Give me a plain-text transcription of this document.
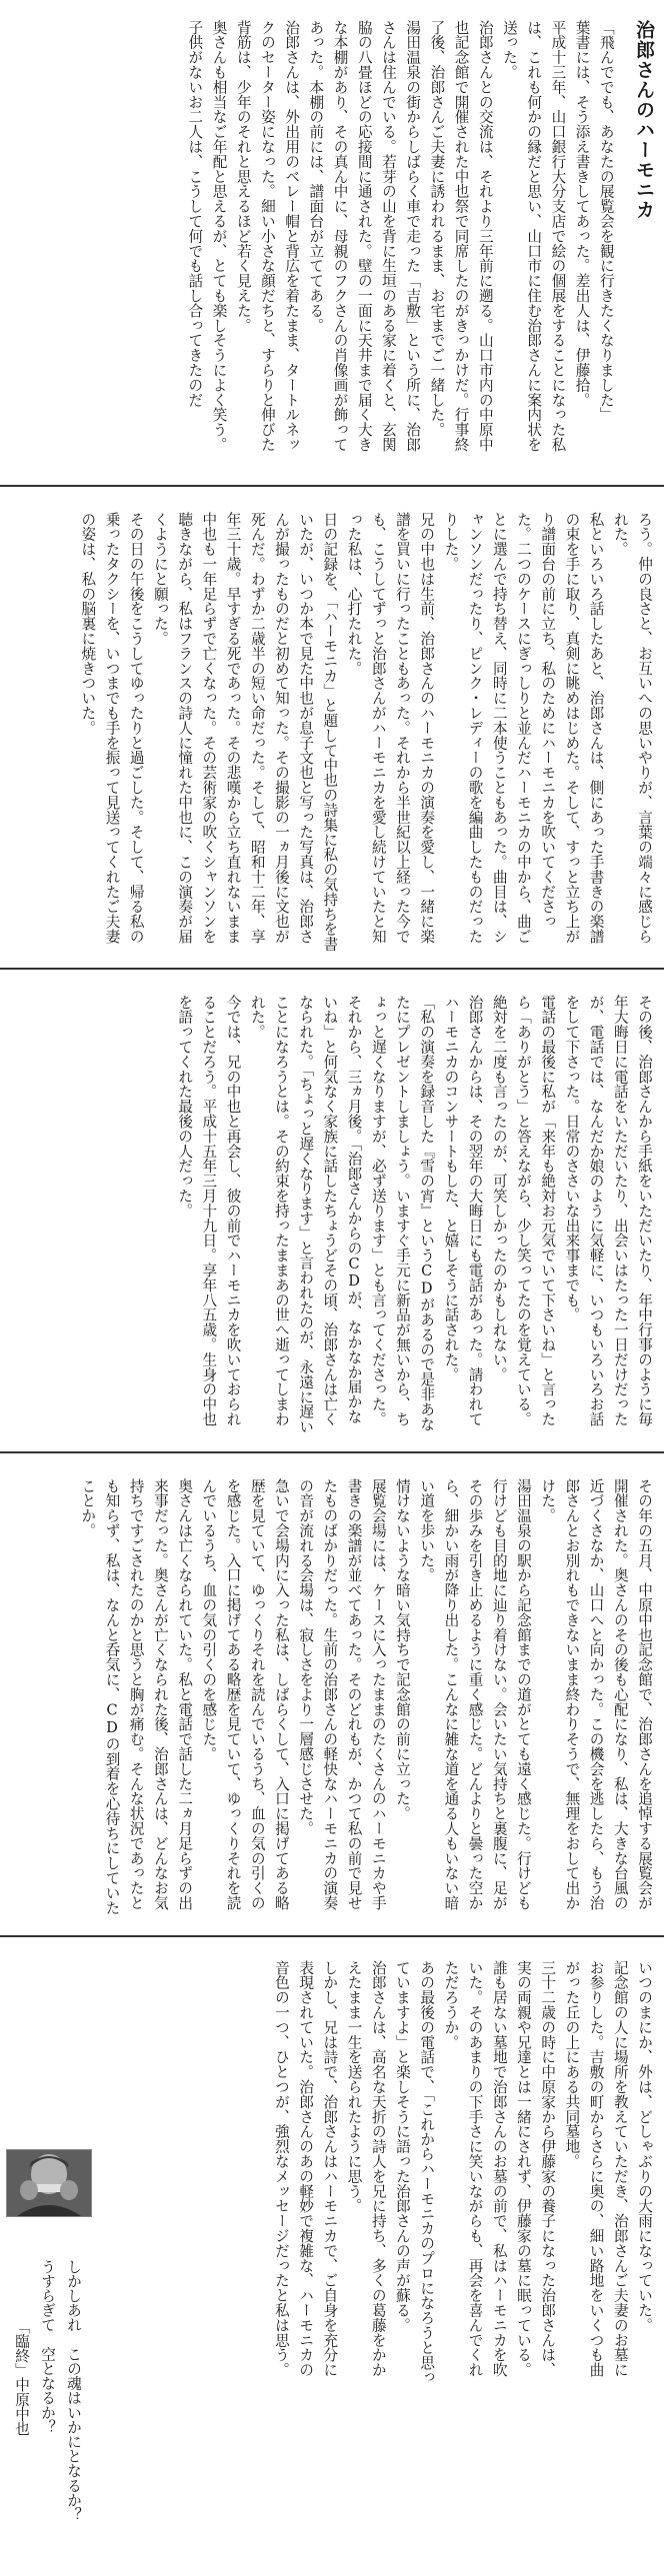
治郎さんのハーモニカ

「飛んででも、あなたの展覧会を観に行きたくなりました」

葉書には、そう添え書きしてあった。差出人は、伊藤拾。

平成十三年、山口銀行大分支店で絵の個展をすることになった私は、これも何かの縁だと思い、山口市に住む治郎さんに案内状を送った。

治郎さんとの交流は、それより三年前に遡る。山口市内の中原中也記念館で開催された中也祭で同席したのがきっかけだ。行事終了後、治郎さんご夫妻に誘われるまま、お宅までご一緒した。

湯田温泉の街からしばらく車で走った「吉敷」という所に、治郎さんは住んでいる。若芽の山を背に生垣のある家に着くと、玄関脇の八畳ほどの応接間に通された。壁の一面に天井まで届く大きな本棚があり、その真ん中に、母親のフクさんの肖像画が飾ってあった。本棚の前には、譜面台が立ててある。

治郎さんは、外出用のベレー帽と背広を着たまま、タートルネックのセーター姿になった。細い小さな顔だちと、すらりと伸びた背筋は、少年のそれと思えるほど若く見えた。

奥さんも相当なご年配と思えるが、とても楽しそうによく笑う。子供がないお二人は、こうして何でも話し合ってきたのだ

ろう。仲の良さと、お互いへの思いやりが、言葉の端々に感じられた。

私といろいろ話したあと、治郎さんは、側にあった手書きの楽譜の束を手に取り、真剣に眺めはじめた。そして、すっと立ち上がり譜面台の前に立ち、私のためにハーモニカを吹いてくださった。二つのケースにぎっしりと並んだハーモニカの中から、曲ごとに選んで持ち替え、同時に二本使うこともあった。曲目は、シャンソンだったり、ピンク・レディーの歌を編曲したものだったりした。

兄の中也は生前、治郎さんのハーモニカの演奏を愛し、一緒に楽譜を買いに行ったこともあった。それから半世紀以上経った今でも、こうしてずっと治郎さんがハーモニカを愛し続けていたと知った私は、心打たれた。

日の記録を、「ハーモニカ」と題して中也の詩集に私の気持ちを書いたが、いつか本で見た中也が息子文也と写った写真は、治郎さんが撮ったものだと初めて知った。その撮影の一ヵ月後に文也が死んだ。わずか二歳半の短い命だった。そして、昭和十二年、享年三十歳。早すぎる死であった。その悲嘆から立ち直れないまま中也も一年足らずで亡くなった。その芸術家の吹くシャンソンを聴きながら、私はフランスの詩人に憧れた中也に、この演奏が届くようにと願った。

その日の午後をこうしてゆったりと過ごした。そして、帰る私の乗ったタクシーを、いつまでも手を振って見送ってくれたご夫妻の姿は、私の脳裏に焼きついた。

その後、治郎さんから手紙をいただいたり、年中行事のように毎年大晦日に電話をいただいたり、出会いはたった一日だけだったが、電話では、なんだか娘のように気軽に、いつもいろいろお話をして下さった。日常のささいな出来事までも。

電話の最後に私が「来年も絶対お元気でいて下さいね」と言ったら「ありがとう」と答えながら、少し笑ってたのを覚えている。絶対を二度も言ったのが、可笑しかったのかもしれない。

治郎さんからは、その翌年の大晦日にも電話があった。請われてハーモニカのコンサートもした、と嬉しそうに話された。

「私の演奏を録音した『雪の宵』というCDがあるので是非あなたにプレゼントしましょう。いますぐ手元に新品が無いから、ちょっと遅くなりますが、必ず送ります」とも言ってくださった。

それから、三ヵ月後。「治郎さんからのCDが、なかなか届かないね」と何気なく家族に話したちょうどその頃、治郎さんは亡くなられた。「ちょっと遅くなります」と言われたのが、永遠に遅いことになろうとは。その約束を持ったままあの世へ逝ってしまわれた。

今では、兄の中也と再会し、彼の前でハーモニカを吹いておられることだろう。平成十五年三月十九日。享年八五歳。生身の中也を語ってくれた最後の人だった。

その年の五月、中原中也記念館で、治郎さんを追悼する展覧会が開催された。奥さんのその後も心配になり、私は、大きな台風の近づくさなか、山口へと向かった。この機会を逃したら、もう治郎さんとお別れもできないまま終わりそうで、無理をおして出かけた。

湯田温泉の駅から記念館までの道がとても遠く感じた。行けども行けども目的地に辿り着けない。会いたい気持ちと裏腹に、足がその歩みを引き止めるように重く感じた。どんよりと曇った空から、細かい雨が降り出した。こんなに雑な道を通る人もいない暗い道を歩いた。

情けないような暗い気持ちで記念館の前に立った。

展覧会場には、ケースに入ったままのたくさんのハーモニカや手書きの楽譜が並べてあった。そのどれもが、かつて私の前で見せたものばかりだった。生前の治郎さんの軽快なハーモニカの演奏の音が流れる会場は、寂しさをより一層感じさせた。

急いで会場内に入った私は、しばらくして、入口に掲げてある略歴を見ていて、ゆっくりそれを読んでいるうち、血の気の引くのを感じた。入口に掲げてある略歴を見ていて、ゆっくりそれを読んでいるうち、血の気の引くのを感じた。

奥さんは亡くなられていた。私と電話で話した二ヵ月足らずの出来事だった。奥さんが亡くなられた後、治郎さんは、どんなお気持ちですごされたのかと思うと胸が痛む。そんな状況であったとも知らず、私は、なんと呑気に、CDの到着を心待ちにしていたことか。

いつのまにか、外は、どしゃぶりの大雨になっていた。

記念館の人に場所を教えていただき、治郎さんご夫妻のお墓にお参りした。吉敷の町からさらに奥の、細い路地をいくつも曲がった丘の上にある共同墓地。

三十二歳の時に中原家から伊藤家の養子になった治郎さんは、実の両親や兄達とは一緒にされず、伊藤家の墓に眠っている。

誰も居ない墓地で治郎さんのお墓の前で、私はハーモニカを吹いた。そのあまりの下手さに笑いながらも、再会を喜んでくれただろうか。

あの最後の電話で、「これからハーモニカのプロになろうと思っていますよ」と楽しそうに語った治郎さんの声が蘇る。

治郎さんは、高名な天折の詩人を兄に持ち、多くの葛藤をかかえたまま一生を送られたように思う。

しかし、兄は詩で、治郎さんはハーモニカで、ご自身を充分に表現されていた。治郎さんのあの軽妙で複雑な、ハーモニカの音色の一つ、ひとつが、強烈なメッセージだったと私は思う。

しかしあれ　この魂はいかにとなるか？

うすらぎて　空となるか？

「臨終」中原中也
